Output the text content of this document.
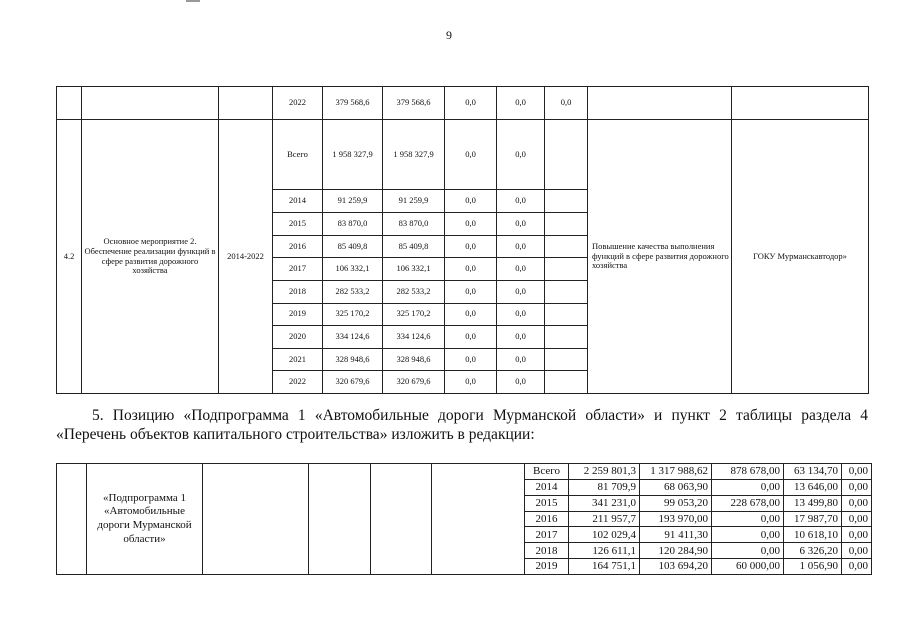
9
			2022	379 568,6	379 568,6	0,0	0,0	0,0		
4.2	Основное мероприятие 2. Обеспечение реализации функций в сфере развития дорожного хозяйства	2014-2022	Всего	1 958 327,9	1 958 327,9	0,0	0,0		Повышение качества выполнения функций в сфере развития дорожного хозяйства	ГОКУ Мурманскавтодор»
			2014	91 259,9	91 259,9	0,0	0,0			
			2015	83 870,0	83 870,0	0,0	0,0			
			2016	85 409,8	85 409,8	0,0	0,0			
			2017	106 332,1	106 332,1	0,0	0,0			
			2018	282 533,2	282 533,2	0,0	0,0			
			2019	325 170,2	325 170,2	0,0	0,0			
			2020	334 124,6	334 124,6	0,0	0,0			
			2021	328 948,6	328 948,6	0,0	0,0			
			2022	320 679,6	320 679,6	0,0	0,0			
5. Позицию «Подпрограмма 1 «Автомобильные дороги Мурманской области» и пункт 2 таблицы раздела 4 «Перечень объектов капитального строительства» изложить в редакции:
	«Подпрограмма 1 «Автомобильные дороги Мурманской области»					Всего	2 259 801,3	1 317 988,62	878 678,00	63 134,70	0,00
						2014	81 709,9	68 063,90	0,00	13 646,00	0,00
						2015	341 231,0	99 053,20	228 678,00	13 499,80	0,00
						2016	211 957,7	193 970,00	0,00	17 987,70	0,00
						2017	102 029,4	91 411,30	0,00	10 618,10	0,00
						2018	126 611,1	120 284,90	0,00	6 326,20	0,00
						2019	164 751,1	103 694,20	60 000,00	1 056,90	0,00
